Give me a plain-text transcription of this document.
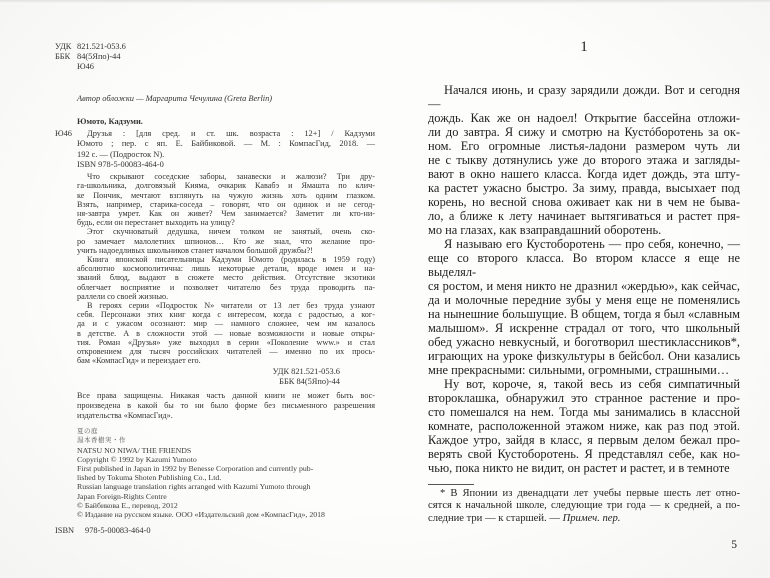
УДК 821.521-053.6
ББК 84(5Япо)-44
Ю46
Автор обложки — Маргарита Чечулина (Greta Berlin)
Юмото, Кадзуми.
Ю46	Друзья : [для сред. и ст. шк. возраста : 12+] / Кадзуми
Юмото ; пер. с яп. Е. Байбиковой. — М. : КомпасГид, 2018. —
192 с. — (Подросток N).
ISBN 978-5-00083-464-0
Что скрывают соседские заборы, занавески и жалюзи? Три дру-
га-школьника, долговязый Кияма, очкарик Кавабэ и Ямашта по клич-
ке Пончик, мечтают взглянуть на чужую жизнь хоть одним глазком.
Взять, например, старика-соседа – говорят, что он одинок и не сегод-
ня-завтра умрет. Как он живет? Чем занимается? Заметит ли кто-ни-
будь, если он перестанет выходить на улицу?
Этот скучноватый дедушка, ничем толком не занятый, очень ско-
ро замечает малолетних шпионов… Кто же знал, что желание про-
учить надоедливых школьников станет началом большой дружбы?!
Книга японской писательницы Кадзуми Юмото (родилась в 1959 году)
абсолютно космополитична: лишь некоторые детали, вроде имен и на-
званий блюд, выдают в сюжете место действия. Отсутствие экзотики
облегчает восприятие и позволяет читателю без труда проводить па-
раллели со своей жизнью.
В героях серии «Подросток N» читатели от 13 лет без труда узнают
себя. Персонажи этих книг когда с интересом, когда с радостью, а ког-
да и с ужасом осознают: мир — намного сложнее, чем им казалось
в детстве. А в сложности этой — новые возможности и новые откры-
тия. Роман «Друзья» уже выходил в серии «Поколение www.» и стал
откровением для тысяч российских читателей — именно по их прось-
бам «КомпасГид» и переиздает его.
УДК 821.521-053.6
ББК 84(5Япо)-44
Все права защищены. Никакая часть данной книги не может быть вос-
произведена в какой бы то ни было форме без письменного разрешения
издательства «КомпасГид».
夏の庭
湯本香樹実・作
NATSU NO NIWA/ THE FRIENDS
Copyright © 1992 by Kazumi Yumoto
First published in Japan in 1992 by Benesse Corporation and currently pub-
lished by Tokuma Shoten Publishing Co., Ltd.
Russian language translation rights arranged with Kazumi Yumoto through
Japan Foreign-Rights Centre
© Байбикова Е., перевод, 2012
© Издание на русском языке. ООО «Издательский дом «КомпасГид», 2018
ISBN	978-5-00083-464-0
1
Начался июнь, и сразу зарядили дожди. Вот и сегодня —
дождь. Как же он надоел! Открытие бассейна отложи-
ли до завтра. Я сижу и смотрю на Кустóборотень за ок-
ном. Его огромные листья-ладони размером чуть ли
не с тыкву дотянулись уже до второго этажа и загляды-
вают в окно нашего класса. Когда идет дождь, эта шту-
ка растет ужасно быстро. За зиму, правда, высыхает под
корень, но весной снова оживает как ни в чем не быва-
ло, а ближе к лету начинает вытягиваться и растет пря-
мо на глазах, как взаправдашний оборотень.
Я называю его Кустоборотень — про себя, конечно, —
еще со второго класса. Во втором классе я еще не выделял-
ся ростом, и меня никто не дразнил «жердью», как сейчас,
да и молочные передние зубы у меня еще не поменялись
на нынешние большущие. В общем, тогда я был «славным
малышом». Я искренне страдал от того, что школьный
обед ужасно невкусный, и боготворил шестиклассников*,
играющих на уроке физкультуры в бейсбол. Они казались
мне прекрасными: сильными, огромными, страшными…
Ну вот, короче, я, такой весь из себя симпатичный
второклашка, обнаружил это странное растение и про-
сто помешался на нем. Тогда мы занимались в классной
комнате, расположенной этажом ниже, как раз под этой.
Каждое утро, зайдя в класс, я первым делом бежал про-
верять свой Кустоборотень. Я представлял себе, как но-
чью, пока никто не видит, он растет и растет, и в темноте
* В Японии из двенадцати лет учебы первые шесть лет отно-
сятся к начальной школе, следующие три года — к средней, а по-
следние три — к старшей. — Примеч. пер.
5
